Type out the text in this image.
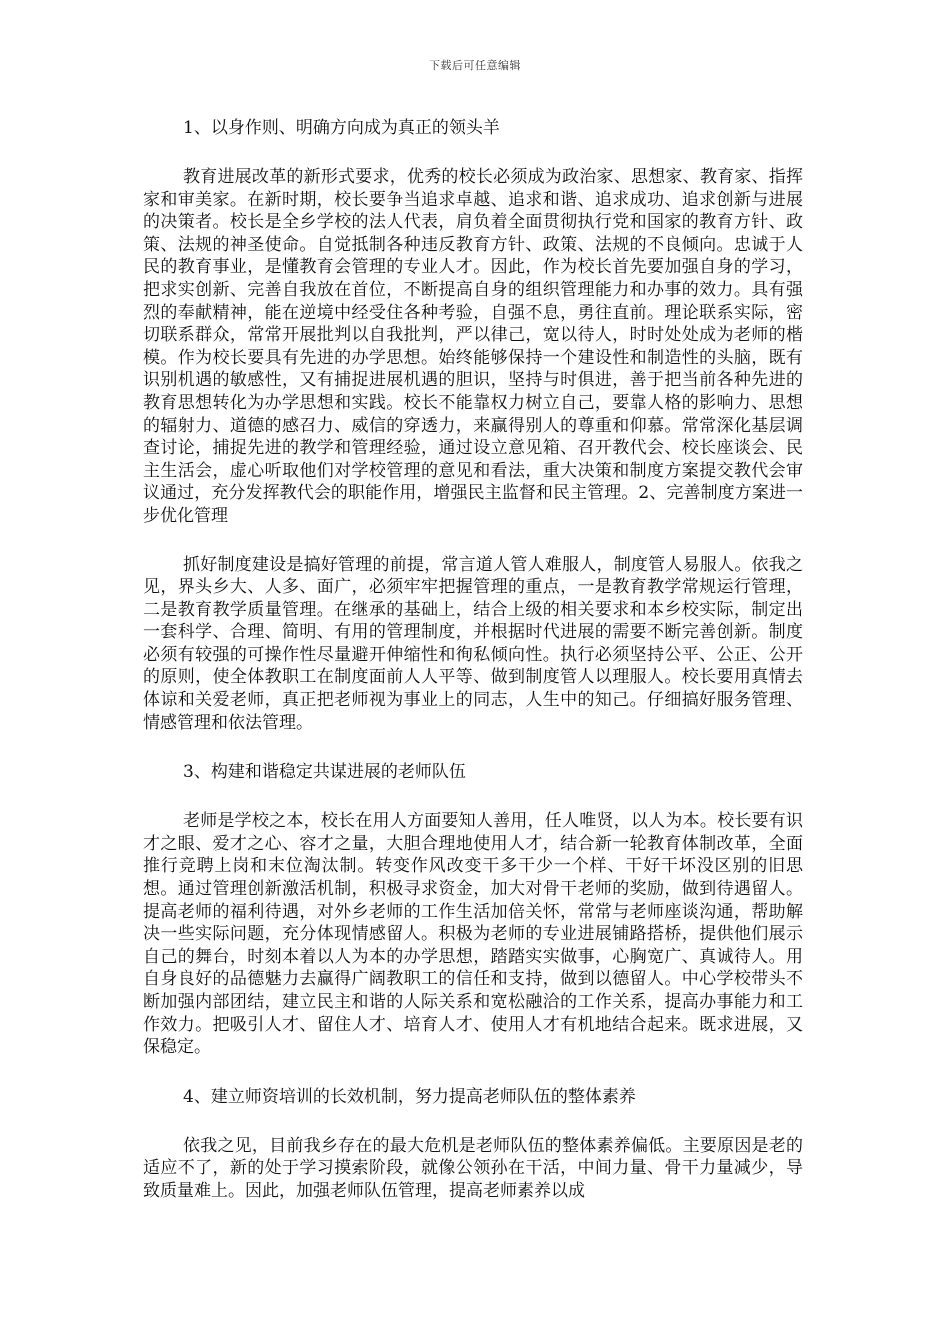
下载后可任意编辑

1、以身作则、明确方向成为真正的领头羊

教育进展改革的新形式要求，优秀的校长必须成为政治家、思想家、教育家、指挥家和审美家。在新时期，校长要争当追求卓越、追求和谐、追求成功、追求创新与进展的决策者。校长是全乡学校的法人代表，肩负着全面贯彻执行党和国家的教育方针、政策、法规的神圣使命。自觉抵制各种违反教育方针、政策、法规的不良倾向。忠诚于人民的教育事业，是懂教育会管理的专业人才。因此，作为校长首先要加强自身的学习，把求实创新、完善自我放在首位，不断提高自身的组织管理能力和办事的效力。具有强烈的奉献精神，能在逆境中经受住各种考验，自强不息，勇往直前。理论联系实际，密切联系群众，常常开展批判以自我批判，严以律己，宽以待人，时时处处成为老师的楷模。作为校长要具有先进的办学思想。始终能够保持一个建设性和制造性的头脑，既有识别机遇的敏感性，又有捕捉进展机遇的胆识，坚持与时俱进，善于把当前各种先进的教育思想转化为办学思想和实践。校长不能靠权力树立自己，要靠人格的影响力、思想的辐射力、道德的感召力、威信的穿透力，来赢得别人的尊重和仰慕。常常深化基层调查讨论，捕捉先进的教学和管理经验，通过设立意见箱、召开教代会、校长座谈会、民主生活会，虚心听取他们对学校管理的意见和看法，重大决策和制度方案提交教代会审议通过，充分发挥教代会的职能作用，增强民主监督和民主管理。2、完善制度方案进一步优化管理

抓好制度建设是搞好管理的前提，常言道人管人难服人，制度管人易服人。依我之见，界头乡大、人多、面广，必须牢牢把握管理的重点，一是教育教学常规运行管理，二是教育教学质量管理。在继承的基础上，结合上级的相关要求和本乡校实际，制定出一套科学、合理、简明、有用的管理制度，并根据时代进展的需要不断完善创新。制度必须有较强的可操作性尽量避开伸缩性和徇私倾向性。执行必须坚持公平、公正、公开的原则，使全体教职工在制度面前人人平等、做到制度管人以理服人。校长要用真情去体谅和关爱老师，真正把老师视为事业上的同志，人生中的知己。仔细搞好服务管理、情感管理和依法管理。

3、构建和谐稳定共谋进展的老师队伍

老师是学校之本，校长在用人方面要知人善用，任人唯贤，以人为本。校长要有识才之眼、爱才之心、容才之量，大胆合理地使用人才，结合新一轮教育体制改革，全面推行竞聘上岗和末位淘汰制。转变作风改变干多干少一个样、干好干坏没区别的旧思想。通过管理创新激活机制，积极寻求资金，加大对骨干老师的奖励，做到待遇留人。提高老师的福利待遇，对外乡老师的工作生活加倍关怀，常常与老师座谈沟通，帮助解决一些实际问题，充分体现情感留人。积极为老师的专业进展铺路搭桥，提供他们展示自己的舞台，时刻本着以人为本的办学思想，踏踏实实做事，心胸宽广、真诚待人。用自身良好的品德魅力去赢得广阔教职工的信任和支持，做到以德留人。中心学校带头不断加强内部团结，建立民主和谐的人际关系和宽松融洽的工作关系，提高办事能力和工作效力。把吸引人才、留住人才、培育人才、使用人才有机地结合起来。既求进展，又保稳定。

4、建立师资培训的长效机制，努力提高老师队伍的整体素养

依我之见，目前我乡存在的最大危机是老师队伍的整体素养偏低。主要原因是老的适应不了，新的处于学习摸索阶段，就像公领孙在干活，中间力量、骨干力量减少，导致质量难上。因此，加强老师队伍管理，提高老师素养以成
